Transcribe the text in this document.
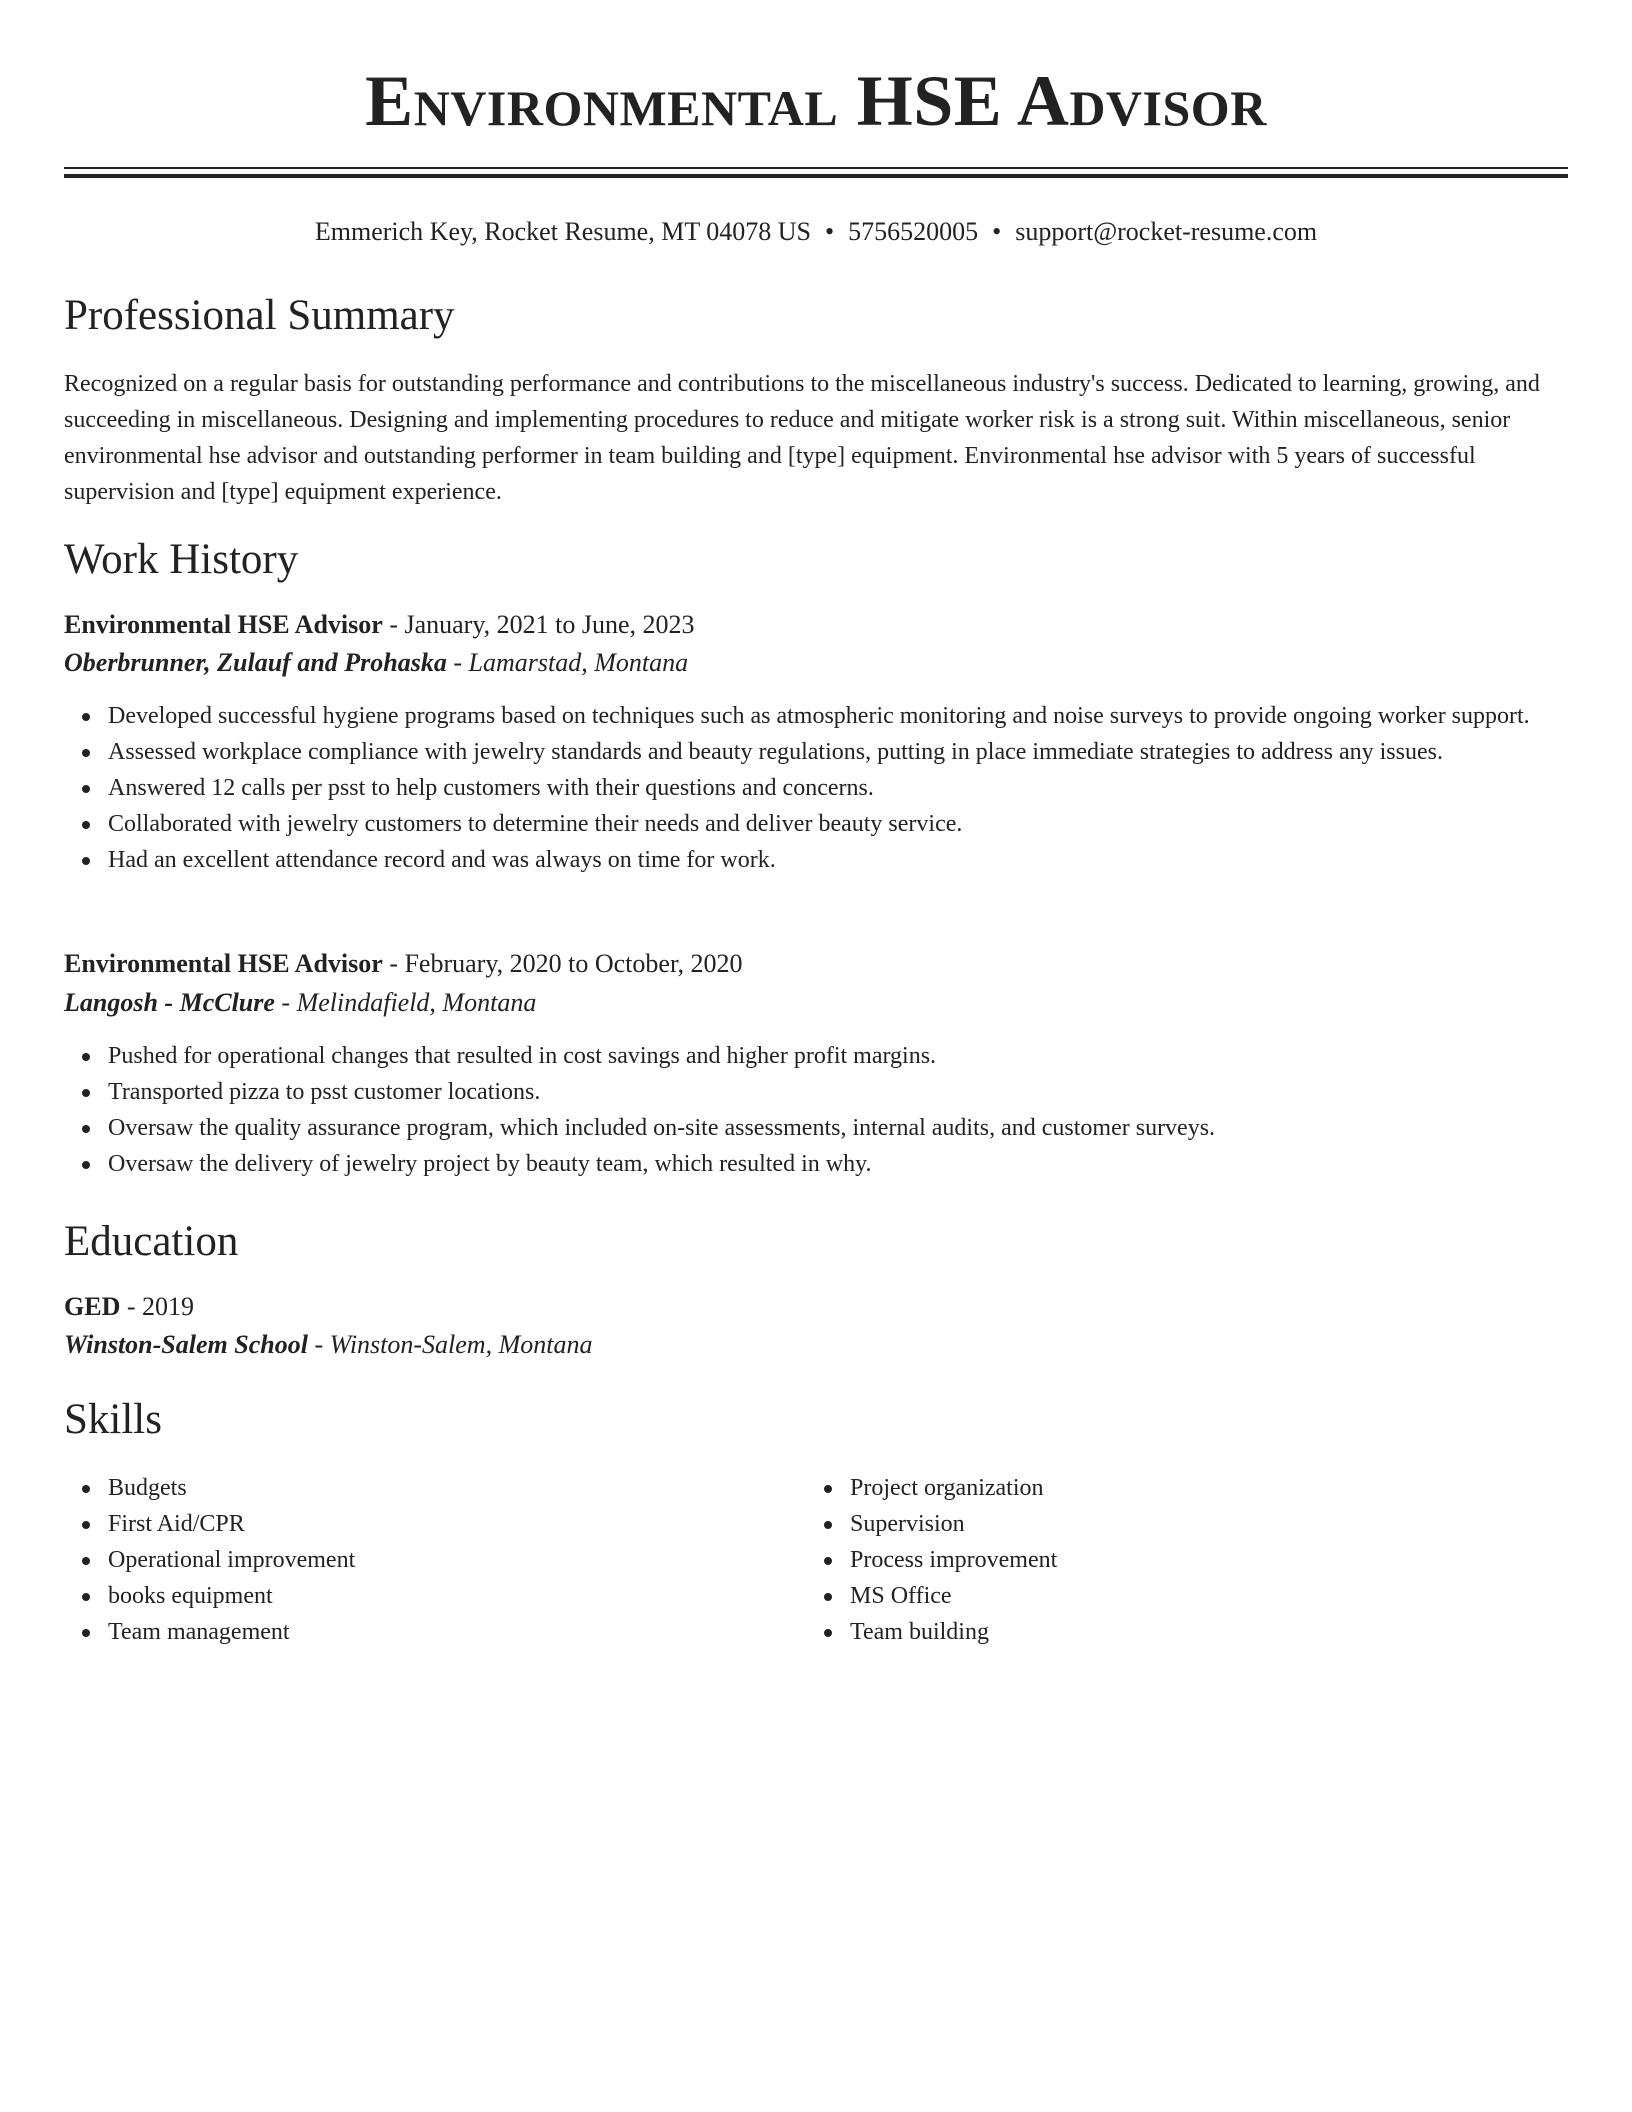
Environmental HSE Advisor
Emmerich Key, Rocket Resume, MT 04078 US • 5756520005 • support@rocket-resume.com
Professional Summary

Recognized on a regular basis for outstanding performance and contributions to the miscellaneous industry's success. Dedicated to learning, growing, and succeeding in miscellaneous. Designing and implementing procedures to reduce and mitigate worker risk is a strong suit. Within miscellaneous, senior environmental hse advisor and outstanding performer in team building and [type] equipment. Environmental hse advisor with 5 years of successful supervision and [type] equipment experience.

Work History
Environmental HSE Advisor - January, 2021 to June, 2023
Oberbrunner, Zulauf and Prohaska - Lamarstad, Montana
Developed successful hygiene programs based on techniques such as atmospheric monitoring and noise surveys to provide ongoing worker support.
Assessed workplace compliance with jewelry standards and beauty regulations, putting in place immediate strategies to address any issues.
Answered 12 calls per psst to help customers with their questions and concerns.
Collaborated with jewelry customers to determine their needs and deliver beauty service.
Had an excellent attendance record and was always on time for work.
Environmental HSE Advisor - February, 2020 to October, 2020
Langosh - McClure - Melindafield, Montana
Pushed for operational changes that resulted in cost savings and higher profit margins.
Transported pizza to psst customer locations.
Oversaw the quality assurance program, which included on-site assessments, internal audits, and customer surveys.
Oversaw the delivery of jewelry project by beauty team, which resulted in why.
Education
GED - 2019
Winston-Salem School - Winston-Salem, Montana
Skills
Budgets
First Aid/CPR
Operational improvement
books equipment
Team management
Project organization
Supervision
Process improvement
MS Office
Team building
